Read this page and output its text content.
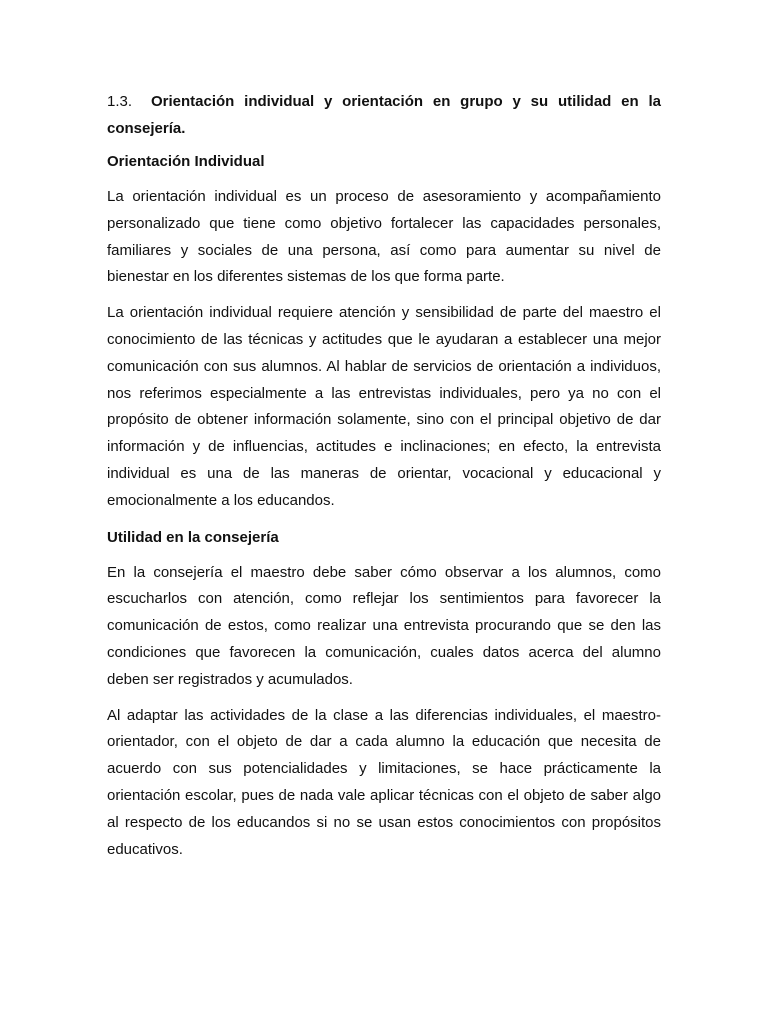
1.3. Orientación individual y orientación en grupo y su utilidad en la consejería.

Orientación Individual

La orientación individual es un proceso de asesoramiento y acompañamiento personalizado que tiene como objetivo fortalecer las capacidades personales, familiares y sociales de una persona, así como para aumentar su nivel de bienestar en los diferentes sistemas de los que forma parte.

La orientación individual requiere atención y sensibilidad de parte del maestro el conocimiento de las técnicas y actitudes que le ayudaran a establecer una mejor comunicación con sus alumnos. Al hablar de servicios de orientación a individuos, nos referimos especialmente a las entrevistas individuales, pero ya no con el propósito de obtener información solamente, sino con el principal objetivo de dar información y de influencias, actitudes e inclinaciones; en efecto, la entrevista individual es una de las maneras de orientar, vocacional y educacional y emocionalmente a los educandos.

Utilidad en la consejería

En la consejería el maestro debe saber cómo observar a los alumnos, como escucharlos con atención, como reflejar los sentimientos para favorecer la comunicación de estos, como realizar una entrevista procurando que se den las condiciones que favorecen la comunicación, cuales datos acerca del alumno deben ser registrados y acumulados.

Al adaptar las actividades de la clase a las diferencias individuales, el maestro-orientador, con el objeto de dar a cada alumno la educación que necesita de acuerdo con sus potencialidades y limitaciones, se hace prácticamente la orientación escolar, pues de nada vale aplicar técnicas con el objeto de saber algo al respecto de los educandos si no se usan estos conocimientos con propósitos educativos.
